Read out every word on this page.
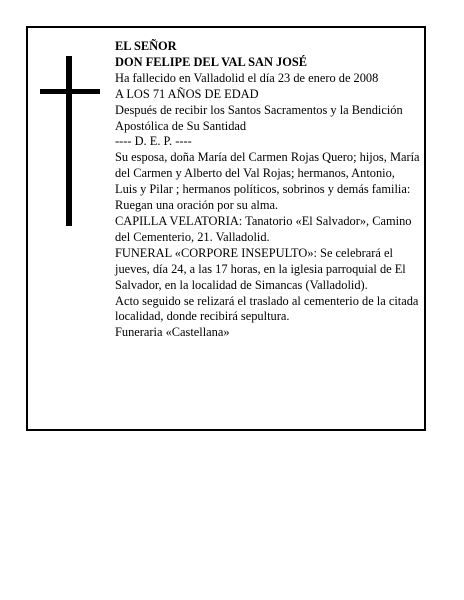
EL SEÑOR

DON FELIPE DEL VAL SAN JOSÉ

Ha fallecido en Valladolid el día 23 de enero de 2008

A LOS 71 AÑOS DE EDAD

Después de recibir los Santos Sacramentos y la Bendición Apostólica de Su Santidad

---- D. E. P. ----

Su esposa, doña María del Carmen Rojas Quero; hijos, María del Carmen y Alberto del Val Rojas; hermanos, Antonio, Luis y Pilar ; hermanos políticos, sobrinos y demás familia:

Ruegan una oración por su alma.

CAPILLA VELATORIA: Tanatorio «El Salvador», Camino del Cementerio, 21. Valladolid.

FUNERAL «CORPORE INSEPULTO»: Se celebrará el jueves, día 24, a las 17 horas, en la iglesia parroquial de El Salvador, en la localidad de Simancas (Valladolid).

Acto seguido se relizará el traslado al cementerio de la citada localidad, donde recibirá sepultura.

Funeraria «Castellana»
